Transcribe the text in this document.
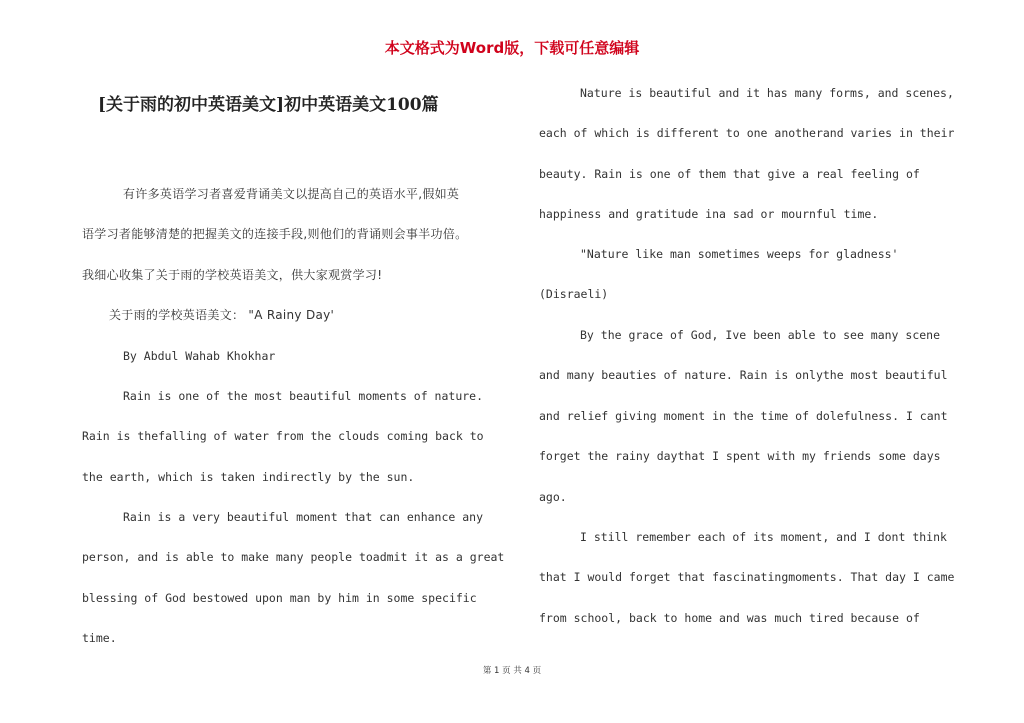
本文格式为Word版，下载可任意编辑
[关于雨的初中英语美文]初中英语美文100篇
有许多英语学习者喜爱背诵美文以提高自己的英语水平,假如英
语学习者能够清楚的把握美文的连接手段,则他们的背诵则会事半功倍。
我细心收集了关于雨的学校英语美文，供大家观赏学习!
关于雨的学校英语美文： "A Rainy Day'
By Abdul Wahab Khokhar
Rain is one of the most beautiful moments of nature.
Rain is thefalling of water from the clouds coming back to
the earth, which is taken indirectly by the sun.
Rain is a very beautiful moment that can enhance any
person, and is able to make many people toadmit it as a great
blessing of God bestowed upon man by him in some specific
time.
Nature is beautiful and it has many forms, and scenes,
each of which is different to one anotherand varies in their
beauty. Rain is one of them that give a real feeling of
happiness and gratitude ina sad or mournful time.
"Nature like man sometimes weeps for gladness'
(Disraeli)
By the grace of God, Ive been able to see many scene
and many beauties of nature. Rain is onlythe most beautiful
and relief giving moment in the time of dolefulness. I cant
forget the rainy daythat I spent with my friends some days
ago.
I still remember each of its moment, and I dont think
that I would forget that fascinatingmoments. That day I came
from school, back to home and was much tired because of
第 1 页 共 4 页
